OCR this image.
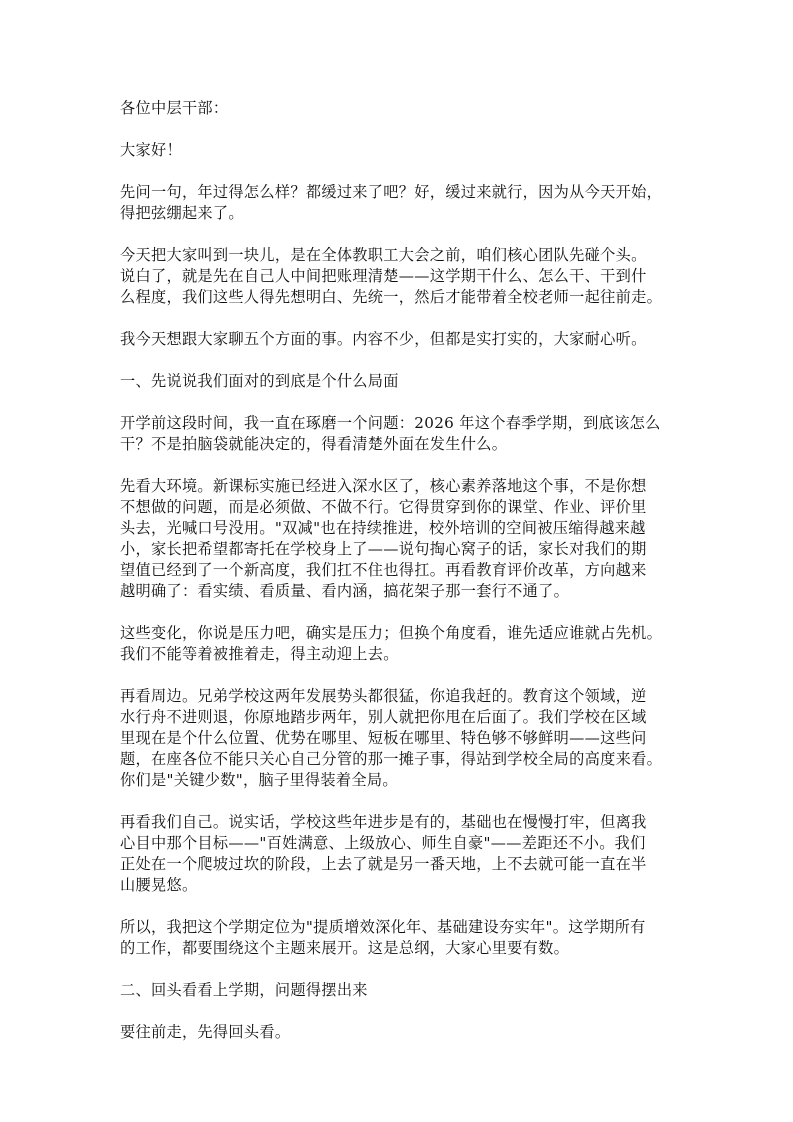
各位中层干部：

大家好！

先问一句，年过得怎么样？都缓过来了吧？好，缓过来就行，因为从今天开始，
得把弦绷起来了。

今天把大家叫到一块儿，是在全体教职工大会之前，咱们核心团队先碰个头。
说白了，就是先在自己人中间把账理清楚——这学期干什么、怎么干、干到什
么程度，我们这些人得先想明白、先统一，然后才能带着全校老师一起往前走。

我今天想跟大家聊五个方面的事。内容不少，但都是实打实的，大家耐心听。

一、先说说我们面对的到底是个什么局面

开学前这段时间，我一直在琢磨一个问题：2026 年这个春季学期，到底该怎么
干？不是拍脑袋就能决定的，得看清楚外面在发生什么。

先看大环境。新课标实施已经进入深水区了，核心素养落地这个事，不是你想
不想做的问题，而是必须做、不做不行。它得贯穿到你的课堂、作业、评价里
头去，光喊口号没用。"双减"也在持续推进，校外培训的空间被压缩得越来越
小，家长把希望都寄托在学校身上了——说句掏心窝子的话，家长对我们的期
望值已经到了一个新高度，我们扛不住也得扛。再看教育评价改革，方向越来
越明确了：看实绩、看质量、看内涵，搞花架子那一套行不通了。

这些变化，你说是压力吧，确实是压力；但换个角度看，谁先适应谁就占先机。
我们不能等着被推着走，得主动迎上去。

再看周边。兄弟学校这两年发展势头都很猛，你追我赶的。教育这个领域，逆
水行舟不进则退，你原地踏步两年，别人就把你甩在后面了。我们学校在区域
里现在是个什么位置、优势在哪里、短板在哪里、特色够不够鲜明——这些问
题，在座各位不能只关心自己分管的那一摊子事，得站到学校全局的高度来看。
你们是"关键少数"，脑子里得装着全局。

再看我们自己。说实话，学校这些年进步是有的，基础也在慢慢打牢，但离我
心目中那个目标——"百姓满意、上级放心、师生自豪"——差距还不小。我们
正处在一个爬坡过坎的阶段，上去了就是另一番天地，上不去就可能一直在半
山腰晃悠。

所以，我把这个学期定位为"提质增效深化年、基础建设夯实年"。这学期所有
的工作，都要围绕这个主题来展开。这是总纲，大家心里要有数。

二、回头看看上学期，问题得摆出来

要往前走，先得回头看。
